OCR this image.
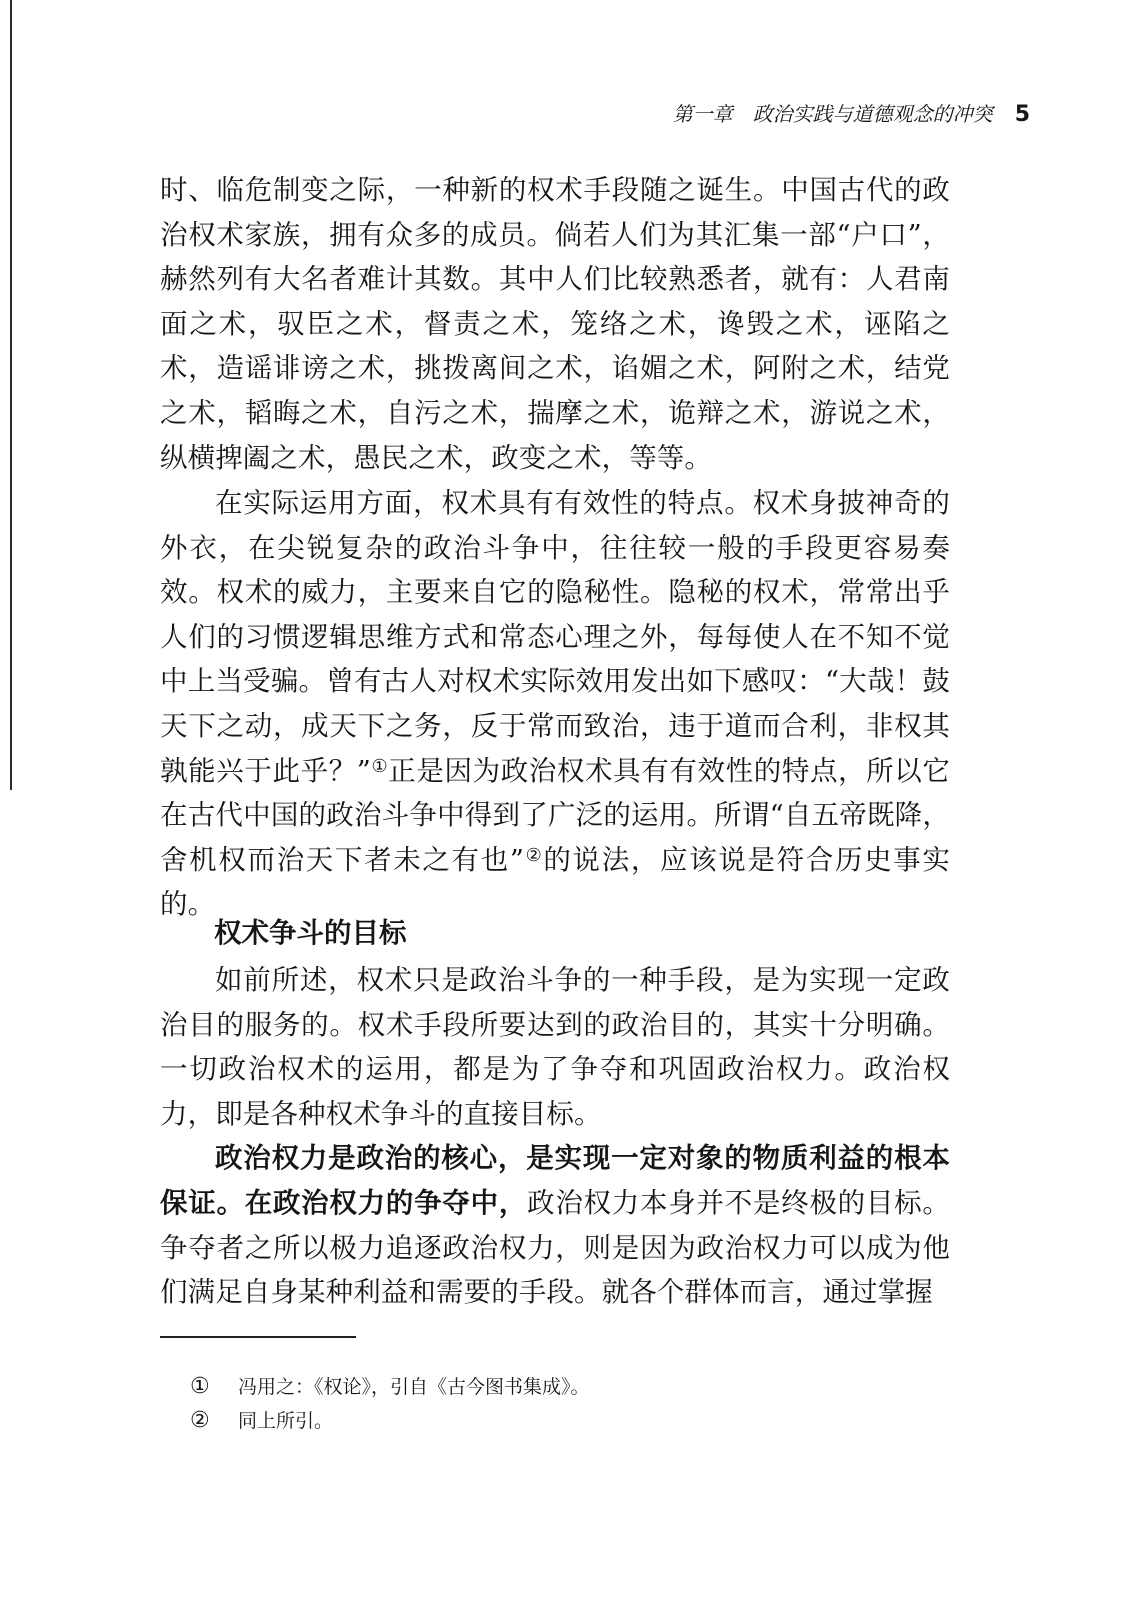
第一章 政治实践与道德观念的冲突 5

时、临危制变之际，一种新的权术手段随之诞生。中国古代的政治权术家族，拥有众多的成员。倘若人们为其汇集一部“户口”，赫然列有大名者难计其数。其中人们比较熟悉者，就有：人君南面之术，驭臣之术，督责之术，笼络之术，谗毁之术，诬陷之术，造谣诽谤之术，挑拨离间之术，谄媚之术，阿附之术，结党之术，韬晦之术，自污之术，揣摩之术，诡辩之术，游说之术，纵横捭阖之术，愚民之术，政变之术，等等。

在实际运用方面，权术具有有效性的特点。权术身披神奇的外衣，在尖锐复杂的政治斗争中，往往较一般的手段更容易奏效。权术的威力，主要来自它的隐秘性。隐秘的权术，常常出乎人们的习惯逻辑思维方式和常态心理之外，每每使人在不知不觉中上当受骗。曾有古人对权术实际效用发出如下感叹：“大哉！鼓天下之动，成天下之务，反于常而致治，违于道而合利，非权其孰能兴于此乎？”①正是因为政治权术具有有效性的特点，所以它在古代中国的政治斗争中得到了广泛的运用。所谓“自五帝既降，舍机权而治天下者未之有也”②的说法，应该说是符合历史事实的。

权术争斗的目标

如前所述，权术只是政治斗争的一种手段，是为实现一定政治目的服务的。权术手段所要达到的政治目的，其实十分明确。一切政治权术的运用，都是为了争夺和巩固政治权力。政治权力，即是各种权术争斗的直接目标。

政治权力是政治的核心，是实现一定对象的物质利益的根本保证。在政治权力的争夺中，政治权力本身并不是终极的目标。争夺者之所以极力追逐政治权力，则是因为政治权力可以成为他们满足自身某种利益和需要的手段。就各个群体而言，通过掌握

①	冯用之：《权论》，引自《古今图书集成》。
②	同上所引。
